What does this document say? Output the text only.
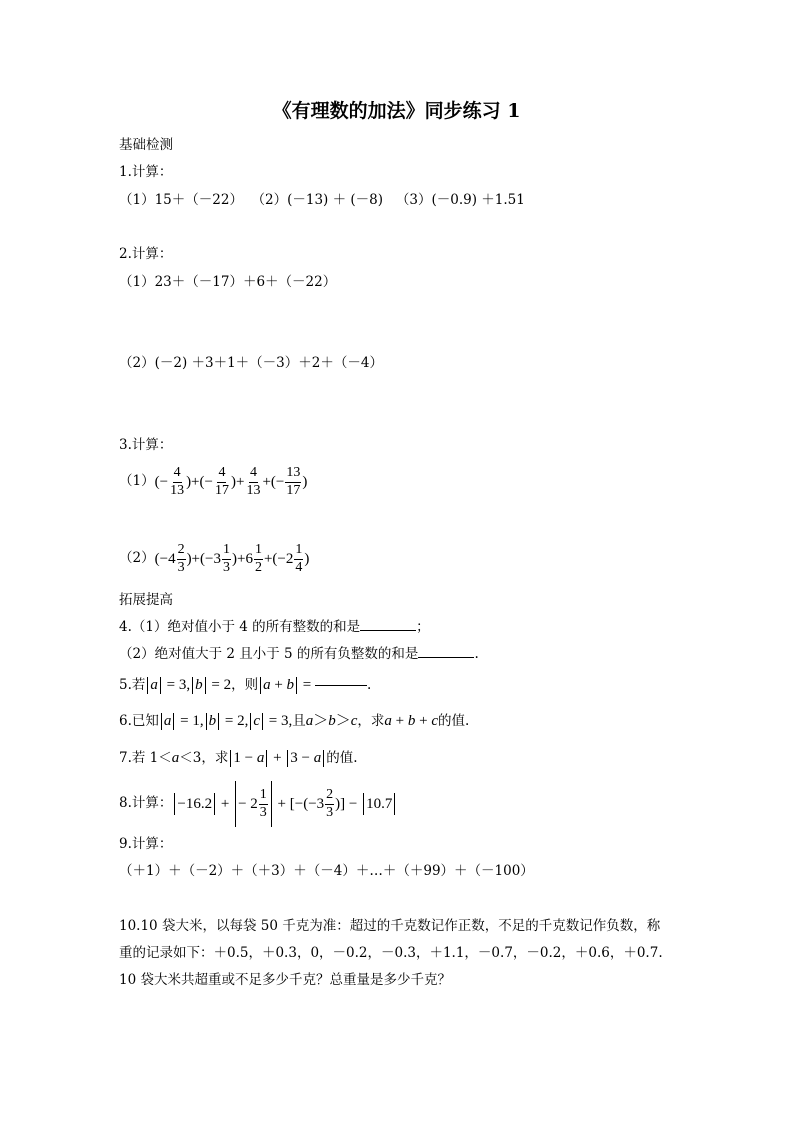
《有理数的加法》同步练习 1
基础检测
1.计算：
（1）15＋（－22）  （2）(－13) ＋ (－8)   （3）(－0.9) ＋1.51
2.计算：
（1）23＋（－17）＋6＋（－22）
（2）(－2) ＋3＋1＋（－3）＋2＋（－4）
3.计算：
（1） (− $\frac{4}{13}$ )+(− $\frac{4}{17}$ )+ $\frac{4}{13}$ +(− $\frac{13}{17}$ )
（2） (− $4 \frac{2}{3}$ )+(− $3 \frac{1}{3}$ )+ $6 \frac{1}{2}$ +(− $2 \frac{1}{4}$ )
拓展提高
4.（1）绝对值小于 4 的所有整数的和是	；
（2）绝对值大于 2 且小于 5 的所有负整数的和是	.
5.若 a = 3, b = 2 ，则 a + b =	.
6.已知 a = 1, b = 2, c = 3, 且 a ＞ b ＞ c ，求 a + b + c 的值.
7.若 1＜ a ＜3，求 1 − a + 3 − a 的值.
8.计算： − 16.2 + − $2 \frac{1}{3}$ + [−(− $3 \frac{2}{3}$ )] − 10.7
9.计算：
（＋1）＋（－2）＋（＋3）＋（－4）＋…＋（＋99）＋（－100）
10.10 袋大米，以每袋 50 千克为准：超过的千克数记作正数，不足的千克数记作负数，称
重的记录如下：＋0.5，＋0.3，0，－0.2，－0.3，＋1.1，－0.7，－0.2，＋0.6，＋0.7.
10 袋大米共超重或不足多少千克？总重量是多少千克？
